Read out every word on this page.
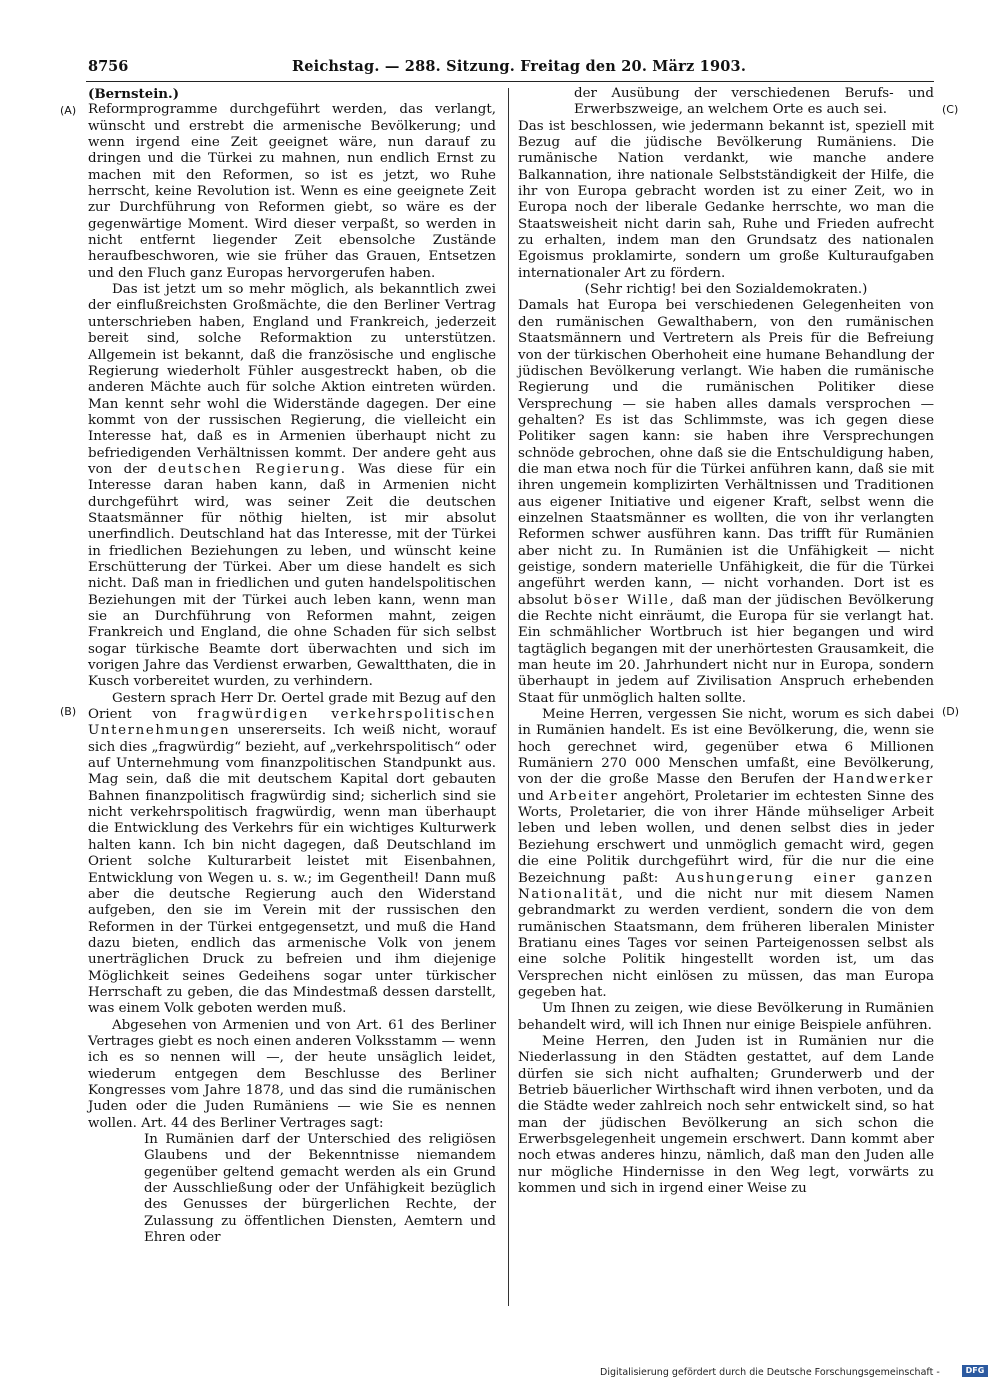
8756	Reichstag. — 288. Sitzung. Freitag den 20. März 1903.
(A)
(B)
(C)
(D)

(Bernstein.)

Reformprogramme durchgeführt werden, das verlangt, wünscht und erstrebt die armenische Bevölkerung; und wenn irgend eine Zeit geeignet wäre, nun darauf zu dringen und die Türkei zu mahnen, nun endlich Ernst zu machen mit den Reformen, so ist es jetzt, wo Ruhe herrscht, keine Revolution ist. Wenn es eine geeignete Zeit zur Durchführung von Reformen giebt, so wäre es der gegenwärtige Moment. Wird dieser verpaßt, so werden in nicht entfernt liegender Zeit ebensolche Zustände heraufbeschworen, wie sie früher das Grauen, Entsetzen und den Fluch ganz Europas hervorgerufen haben.

Das ist jetzt um so mehr möglich, als bekanntlich zwei der einflußreichsten Großmächte, die den Berliner Vertrag unterschrieben haben, England und Frankreich, jederzeit bereit sind, solche Reformaktion zu unterstützen. Allgemein ist bekannt, daß die französische und englische Regierung wiederholt Fühler ausgestreckt haben, ob die anderen Mächte auch für solche Aktion eintreten würden. Man kennt sehr wohl die Widerstände dagegen. Der eine kommt von der russischen Regierung, die vielleicht ein Interesse hat, daß es in Armenien überhaupt nicht zu befriedigenden Verhältnissen kommt. Der andere geht aus von der deutschen Regierung. Was diese für ein Interesse daran haben kann, daß in Armenien nicht durchgeführt wird, was seiner Zeit die deutschen Staatsmänner für nöthig hielten, ist mir absolut unerfindlich. Deutschland hat das Interesse, mit der Türkei in friedlichen Beziehungen zu leben, und wünscht keine Erschütterung der Türkei. Aber um diese handelt es sich nicht. Daß man in friedlichen und guten handelspolitischen Beziehungen mit der Türkei auch leben kann, wenn man sie an Durchführung von Reformen mahnt, zeigen Frankreich und England, die ohne Schaden für sich selbst sogar türkische Beamte dort überwachten und sich im vorigen Jahre das Verdienst erwarben, Gewaltthaten, die in Kusch vorbereitet wurden, zu verhindern.

Gestern sprach Herr Dr. Oertel grade mit Bezug auf den Orient von fragwürdigen verkehrspolitischen Unternehmungen unsererseits. Ich weiß nicht, worauf sich dies „fragwürdig“ bezieht, auf „verkehrspolitisch“ oder auf Unternehmung vom finanzpolitischen Standpunkt aus. Mag sein, daß die mit deutschem Kapital dort gebauten Bahnen finanzpolitisch fragwürdig sind; sicherlich sind sie nicht verkehrspolitisch fragwürdig, wenn man überhaupt die Entwicklung des Verkehrs für ein wichtiges Kulturwerk halten kann. Ich bin nicht dagegen, daß Deutschland im Orient solche Kulturarbeit leistet mit Eisenbahnen, Entwicklung von Wegen u. s. w.; im Gegentheil! Dann muß aber die deutsche Regierung auch den Widerstand aufgeben, den sie im Verein mit der russischen den Reformen in der Türkei entgegensetzt, und muß die Hand dazu bieten, endlich das armenische Volk von jenem unerträglichen Druck zu befreien und ihm diejenige Möglichkeit seines Gedeihens sogar unter türkischer Herrschaft zu geben, die das Mindestmaß dessen darstellt, was einem Volk geboten werden muß.

Abgesehen von Armenien und von Art. 61 des Berliner Vertrages giebt es noch einen anderen Volksstamm — wenn ich es so nennen will —, der heute unsäglich leidet, wiederum entgegen dem Beschlusse des Berliner Kongresses vom Jahre 1878, und das sind die rumänischen Juden oder die Juden Rumäniens — wie Sie es nennen wollen. Art. 44 des Berliner Vertrages sagt:

In Rumänien darf der Unterschied des religiösen Glaubens und der Bekenntnisse niemandem gegenüber geltend gemacht werden als ein Grund der Ausschließung oder der Unfähigkeit bezüglich des Genusses der bürgerlichen Rechte, der Zulassung zu öffentlichen Diensten, Aemtern und Ehren oder

der Ausübung der verschiedenen Berufs- und Erwerbszweige, an welchem Orte es auch sei.

Das ist beschlossen, wie jedermann bekannt ist, speziell mit Bezug auf die jüdische Bevölkerung Rumäniens. Die rumänische Nation verdankt, wie manche andere Balkannation, ihre nationale Selbstständigkeit der Hilfe, die ihr von Europa gebracht worden ist zu einer Zeit, wo in Europa noch der liberale Gedanke herrschte, wo man die Staatsweisheit nicht darin sah, Ruhe und Frieden aufrecht zu erhalten, indem man den Grundsatz des nationalen Egoismus proklamirte, sondern um große Kulturaufgaben internationaler Art zu fördern.

(Sehr richtig! bei den Sozialdemokraten.)

Damals hat Europa bei verschiedenen Gelegenheiten von den rumänischen Gewalthabern, von den rumänischen Staatsmännern und Vertretern als Preis für die Befreiung von der türkischen Oberhoheit eine humane Behandlung der jüdischen Bevölkerung verlangt. Wie haben die rumänische Regierung und die rumänischen Politiker diese Versprechung — sie haben alles damals versprochen — gehalten? Es ist das Schlimmste, was ich gegen diese Politiker sagen kann: sie haben ihre Versprechungen schnöde gebrochen, ohne daß sie die Entschuldigung haben, die man etwa noch für die Türkei anführen kann, daß sie mit ihren ungemein komplizirten Verhältnissen und Traditionen aus eigener Initiative und eigener Kraft, selbst wenn die einzelnen Staatsmänner es wollten, die von ihr verlangten Reformen schwer ausführen kann. Das trifft für Rumänien aber nicht zu. In Rumänien ist die Unfähigkeit — nicht geistige, sondern materielle Unfähigkeit, die für die Türkei angeführt werden kann, — nicht vorhanden. Dort ist es absolut böser Wille, daß man der jüdischen Bevölkerung die Rechte nicht einräumt, die Europa für sie verlangt hat. Ein schmählicher Wortbruch ist hier begangen und wird tagtäglich begangen mit der unerhörtesten Grausamkeit, die man heute im 20. Jahrhundert nicht nur in Europa, sondern überhaupt in jedem auf Zivilisation Anspruch erhebenden Staat für unmöglich halten sollte.

Meine Herren, vergessen Sie nicht, worum es sich dabei in Rumänien handelt. Es ist eine Bevölkerung, die, wenn sie hoch gerechnet wird, gegenüber etwa 6 Millionen Rumäniern 270 000 Menschen umfaßt, eine Bevölkerung, von der die große Masse den Berufen der Handwerker und Arbeiter angehört, Proletarier im echtesten Sinne des Worts, Proletarier, die von ihrer Hände mühseliger Arbeit leben und leben wollen, und denen selbst dies in jeder Beziehung erschwert und unmöglich gemacht wird, gegen die eine Politik durchgeführt wird, für die nur die eine Bezeichnung paßt: Aushungerung einer ganzen Nationalität, und die nicht nur mit diesem Namen gebrandmarkt zu werden verdient, sondern die von dem rumänischen Staatsmann, dem früheren liberalen Minister Bratianu eines Tages vor seinen Parteigenossen selbst als eine solche Politik hingestellt worden ist, um das Versprechen nicht einlösen zu müssen, das man Europa gegeben hat.

Um Ihnen zu zeigen, wie diese Bevölkerung in Rumänien behandelt wird, will ich Ihnen nur einige Beispiele anführen.

Meine Herren, den Juden ist in Rumänien nur die Niederlassung in den Städten gestattet, auf dem Lande dürfen sie sich nicht aufhalten; Grunderwerb und der Betrieb bäuerlicher Wirthschaft wird ihnen verboten, und da die Städte weder zahlreich noch sehr entwickelt sind, so hat man der jüdischen Bevölkerung an sich schon die Erwerbsgelegenheit ungemein erschwert. Dann kommt aber noch etwas anderes hinzu, nämlich, daß man den Juden alle nur mögliche Hindernisse in den Weg legt, vorwärts zu kommen und sich in irgend einer Weise zu

Digitalisierung gefördert durch die Deutsche Forschungsgemeinschaft -	DFG
